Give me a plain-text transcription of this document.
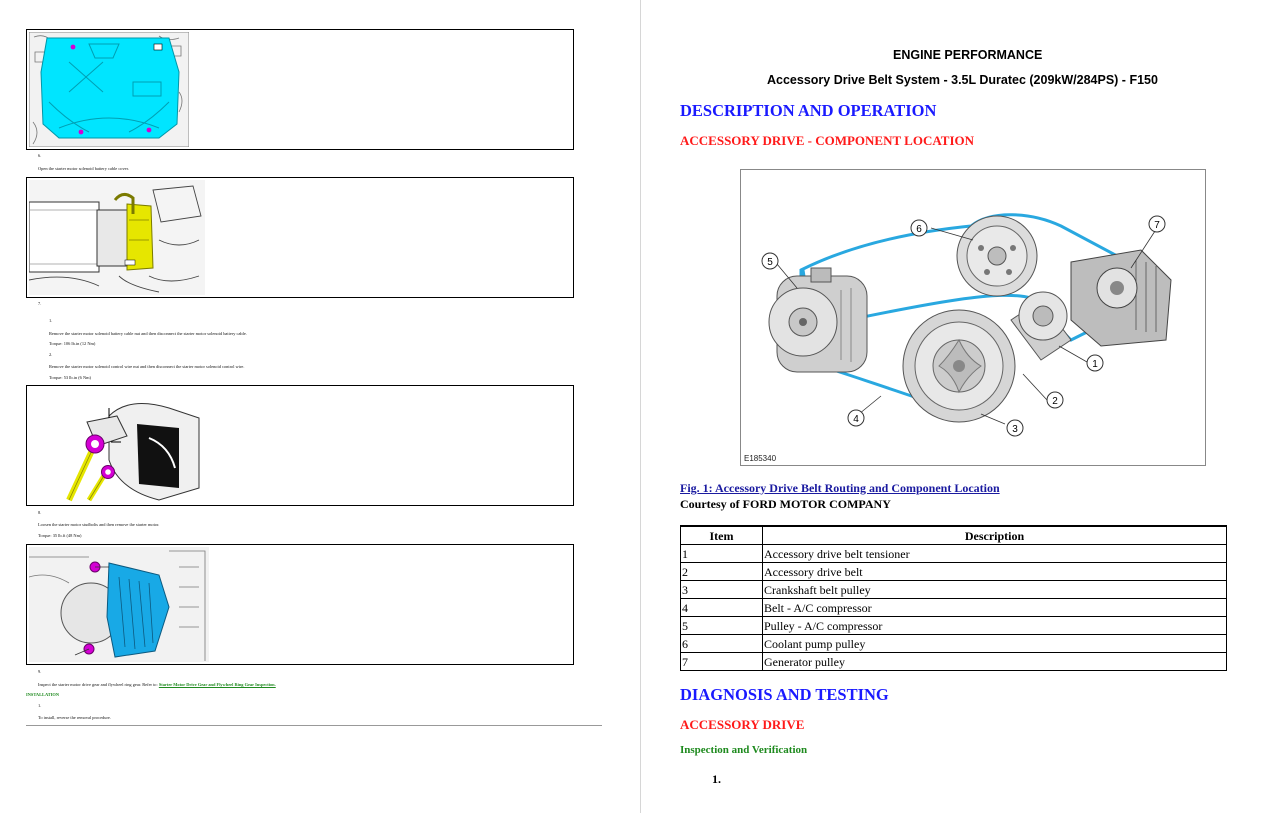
6.
Open the starter motor solenoid battery cable cover.
7.
1.
Remove the starter motor solenoid battery cable nut and then disconnect the starter motor solenoid battery cable.
Torque: 106 lb.in (12 Nm)
2.
Remove the starter motor solenoid control wire nut and then disconnect the starter motor solenoid control wire.
Torque: 53 lb.in (6 Nm)
8.
Loosen the starter motor studbolts and then remove the starter motor.
Torque: 35 lb.ft (48 Nm)
9.
Inspect the starter motor drive gear and flywheel ring gear. Refer to: Starter Motor Drive Gear and Flywheel Ring Gear Inspection.
INSTALLATION
1.
To install, reverse the removal procedure.
ENGINE PERFORMANCE
Accessory Drive Belt System - 3.5L Duratec (209kW/284PS) - F150
DESCRIPTION AND OPERATION
ACCESSORY DRIVE - COMPONENT LOCATION
6
5
7
1
2
3
4
E185340
Fig. 1: Accessory Drive Belt Routing and Component Location
Courtesy of FORD MOTOR COMPANY
Item	Description
1	Accessory drive belt tensioner
2	Accessory drive belt
3	Crankshaft belt pulley
4	Belt - A/C compressor
5	Pulley - A/C compressor
6	Coolant pump pulley
7	Generator pulley
DIAGNOSIS AND TESTING
ACCESSORY DRIVE
Inspection and Verification
1.
